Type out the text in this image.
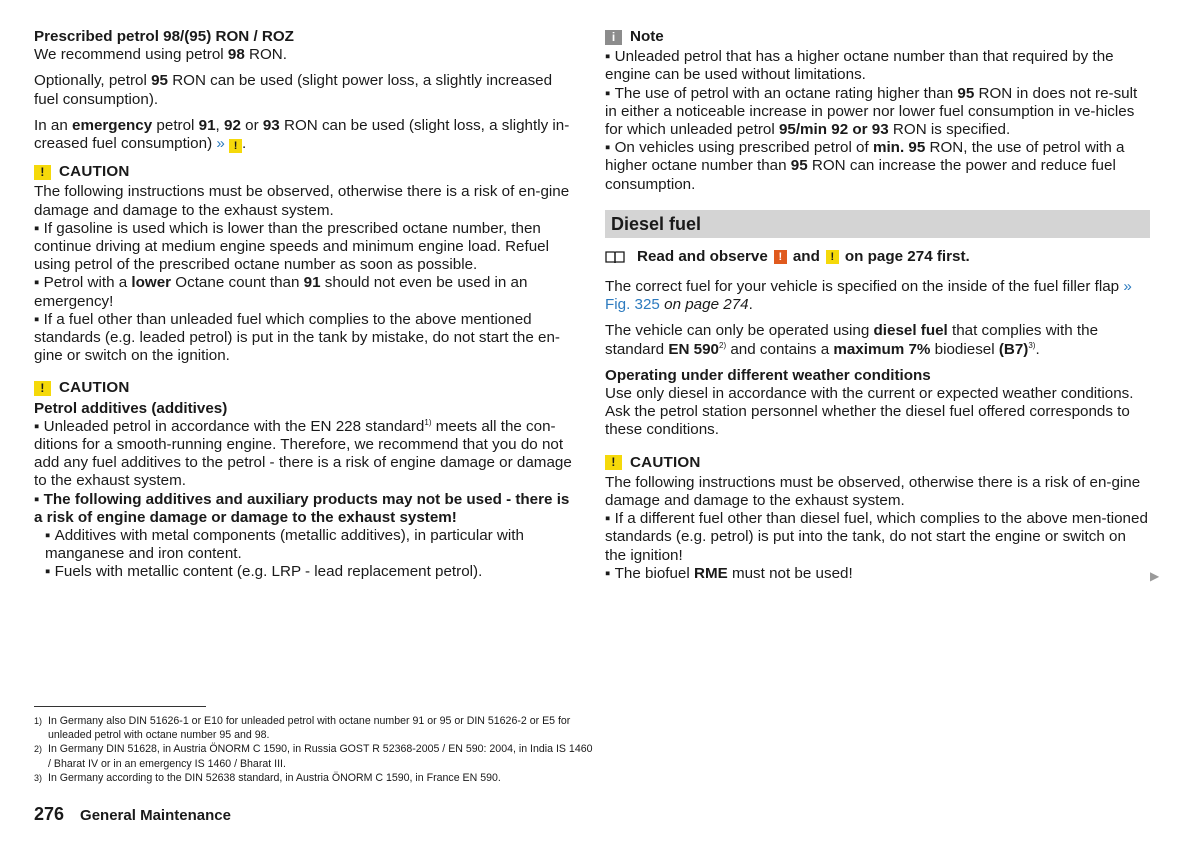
Prescribed petrol 98/(95) RON / ROZ

We recommend using petrol 98 RON.

Optionally, petrol 95 RON can be used (slight power loss, a slightly increased fuel consumption).

In an emergency petrol 91, 92 or 93 RON can be used (slight loss, a slightly in-creased fuel consumption) » ! .

! CAUTION

The following instructions must be observed, otherwise there is a risk of en-gine damage and damage to the exhaust system.

▪ If gasoline is used which is lower than the prescribed octane number, then continue driving at medium engine speeds and minimum engine load. Refuel using petrol of the prescribed octane number as soon as possible.

▪ Petrol with a lower Octane count than 91 should not even be used in an emergency!

▪ If a fuel other than unleaded fuel which complies to the above mentioned standards (e.g. leaded petrol) is put in the tank by mistake, do not start the en-gine or switch on the ignition.

! CAUTION

Petrol additives (additives)

▪ Unleaded petrol in accordance with the EN 228 standard$^{1)}$ meets all the con-ditions for a smooth-running engine. Therefore, we recommend that you do not add any fuel additives to the petrol - there is a risk of engine damage or damage to the exhaust system.

▪ The following additives and auxiliary products may not be used - there is a risk of engine damage or damage to the exhaust system!

▪ Additives with metal components (metallic additives), in particular with manganese and iron content.

▪ Fuels with metallic content (e.g. LRP - lead replacement petrol).

i Note

▪ Unleaded petrol that has a higher octane number than that required by the engine can be used without limitations.

▪ The use of petrol with an octane rating higher than 95 RON in does not re-sult in either a noticeable increase in power nor lower fuel consumption in ve-hicles for which unleaded petrol 95/min 92 or 93 RON is specified.

▪ On vehicles using prescribed petrol of min. 95 RON, the use of petrol with a higher octane number than 95 RON can increase the power and reduce fuel consumption.

Diesel fuel
Read and observe ! and ! on page 274 first.

The correct fuel for your vehicle is specified on the inside of the fuel filler flap » Fig. 325 on page 274.

The vehicle can only be operated using diesel fuel that complies with the standard EN 590$^{2)}$ and contains a maximum 7% biodiesel $(B7)^{3)}$.

Operating under different weather conditions

Use only diesel in accordance with the current or expected weather conditions. Ask the petrol station personnel whether the diesel fuel offered corresponds to these conditions.

! CAUTION

The following instructions must be observed, otherwise there is a risk of en-gine damage and damage to the exhaust system.

▪ If a different fuel other than diesel fuel, which complies to the above men-tioned standards (e.g. petrol) is put into the tank, do not start the engine or switch on the ignition!

▪ The biofuel RME must not be used!	▶
1) In Germany also DIN 51626-1 or E10 for unleaded petrol with octane number 91 or 95 or DIN 51626-2 or E5 for unleaded petrol with octane number 95 and 98.
2) In Germany DIN 51628, in Austria ÖNORM C 1590, in Russia GOST R 52368-2005 / EN 590: 2004, in India IS 1460 / Bharat IV or in an emergency IS 1460 / Bharat III.
3) In Germany according to the DIN 52638 standard, in Austria ÖNORM C 1590, in France EN 590.
276 General Maintenance
